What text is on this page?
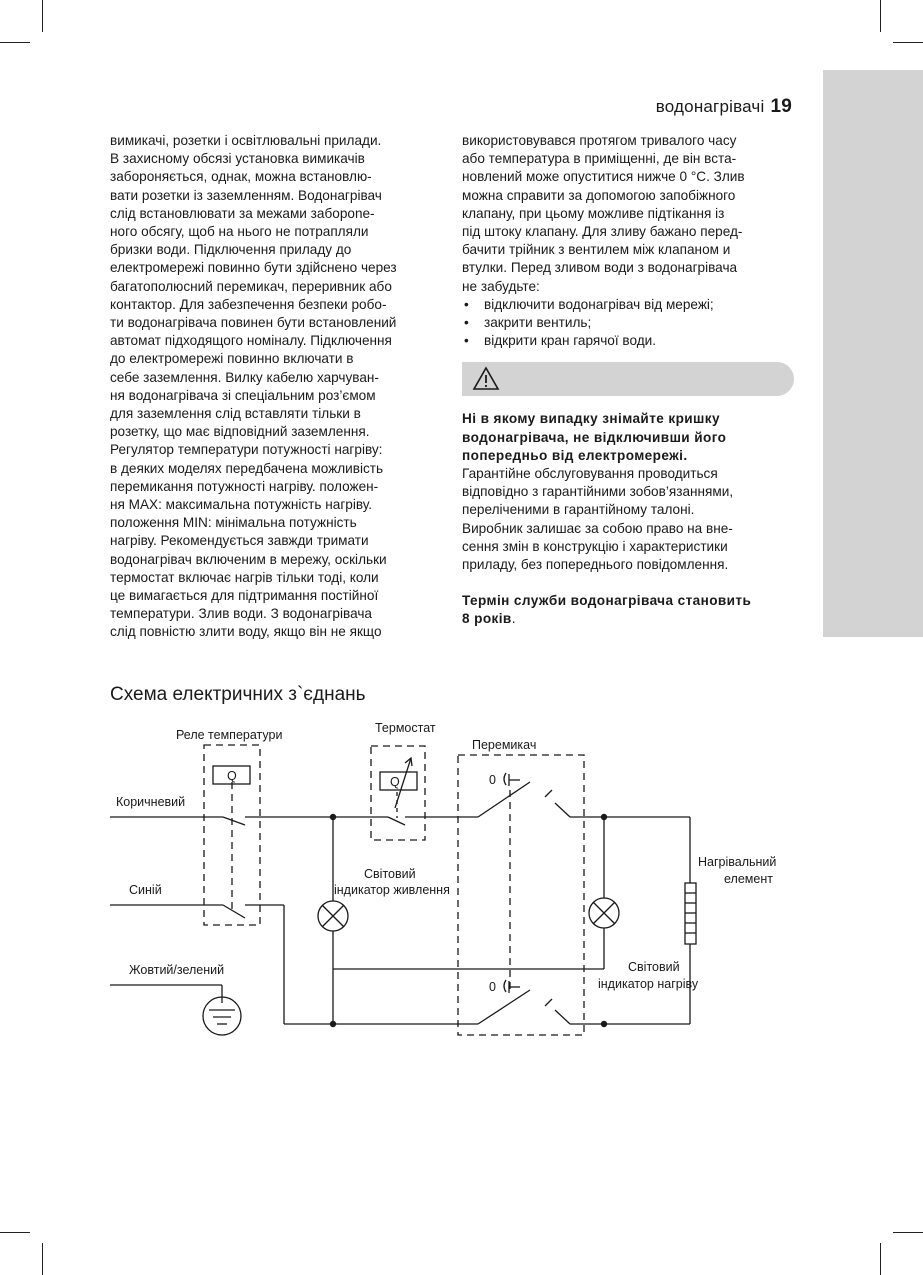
водонагрівачі 19

вимикачі, розетки і освітлювальні прилади.
В захисному обсязі установка вимикачів
забороняється, однак, можна встановлю-
вати розетки із заземленням. Водонагрівач
слід встановлювати за межами заборone-
ного обсягу, щоб на нього не потрапляли
бризки води. Підключення приладу до
електромережі повинно бути здійснено через
багатополюсний перемикач, переривник або
контактор. Для забезпечення безпеки робо-
ти водонагрівача повинен бути встановлений
автомат підходящого номіналу. Підключення
до електромережі повинно включати в
себе заземлення. Вилку кабелю харчуван-
ня водонагрівача зі спеціальним роз’ємом
для заземлення слід вставляти тільки в
розетку, що має відповідний заземлення.
Регулятор температури потужності нагріву:
в деяких моделях передбачена можливість
перемикання потужності нагріву. положен-
ня MAX: максимальна потужність нагріву.
положення MIN: мінімальна потужність
нагріву. Рекомендується завжди тримати
водонагрівач включеним в мережу, оскільки
термостат включає нагрів тільки тоді, коли
це вимагається для підтримання постійної
температури. Злив води. З водонагрівача
слід повністю злити воду, якщо він не якщо

використовувався протягом тривалого часу
або температура в приміщенні, де він вста-
новлений може опуститися нижче 0 °С. Злив
можна справити за допомогою запобіжного
клапану, при цьому можливе підтікання із
під штоку клапану. Для зливу бажано перед-
бачити трійник з вентилем між клапаном и
втулки. Перед зливом води з водонагрівача
не забудьте:

• відключити водонагрівач від мережі;
• закрити вентиль;
• відкрити кран гарячої води.

Ні в якому випадку знімайте кришку
водонагрівача, не відключивши його
попередньо від електромережі.

Гарантійне обслуговування проводиться
відповідно з гарантійними зобов’язаннями,
переліченими в гарантійному талоні.
Виробник залишає за собою право на вне-
сення змін в конструкцію і характеристики
приладу, без попереднього повідомлення.

Термін служби водонагрівача становить
8 років.

Схема електричних з`єднань
Реле температури	Термостат
Перемикач
Коричневий
Синій
Жовтий/зелений
Світовий
індикатор живлення
Нагрівальний
елемент
Світовий
індикатор нагріву
Q	Q	0
0
